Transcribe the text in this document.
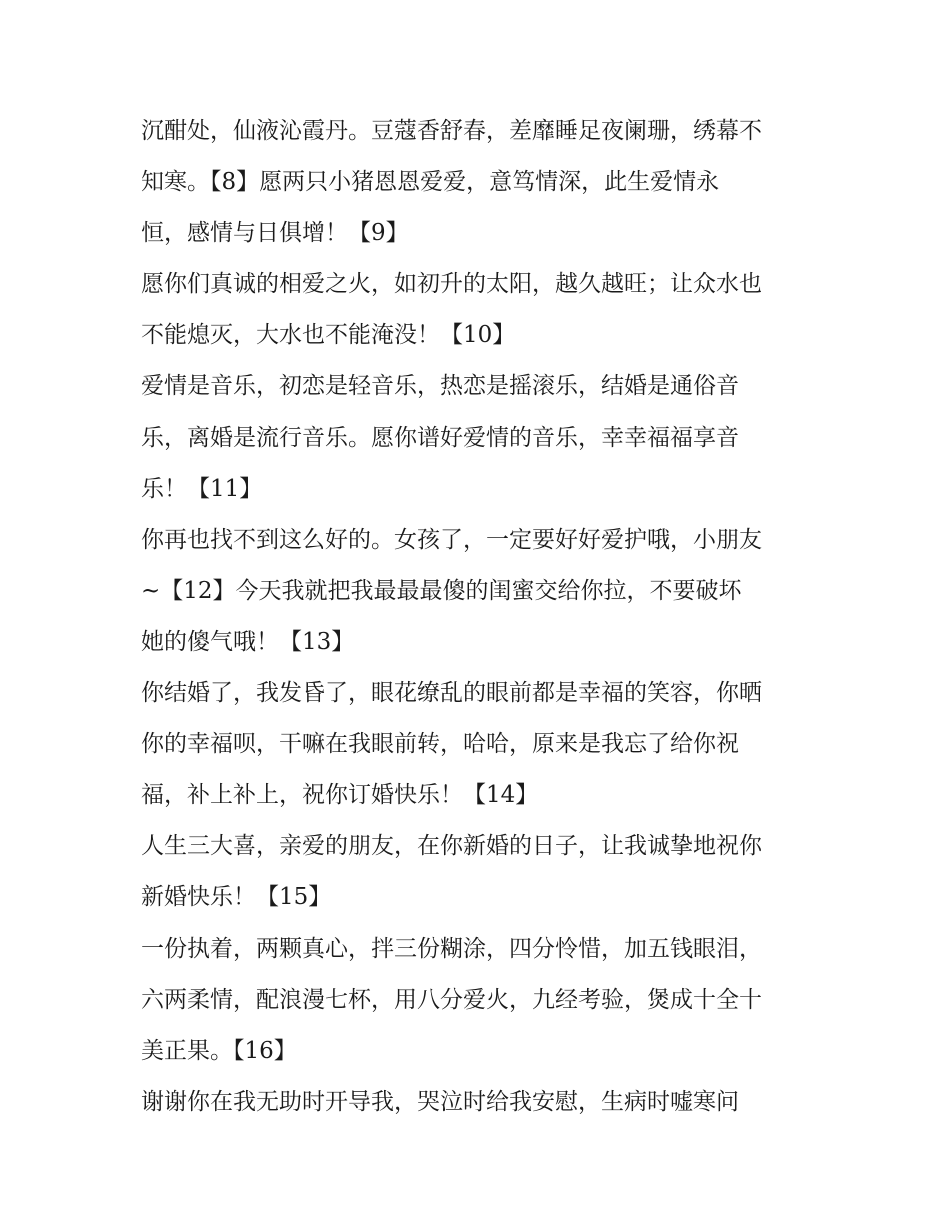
沉酣处，仙液沁霞丹。豆蔻香舒春，差靡睡足夜阑珊，绣幕不
知寒。【8】愿两只小猪恩恩爱爱，意笃情深，此生爱情永
恒，感情与日俱增！【9】
愿你们真诚的相爱之火，如初升的太阳，越久越旺；让众水也
不能熄灭，大水也不能淹没！【10】
爱情是音乐，初恋是轻音乐，热恋是摇滚乐，结婚是通俗音
乐，离婚是流行音乐。愿你谱好爱情的音乐，幸幸福福享音
乐！【11】
你再也找不到这么好的。女孩了，一定要好好爱护哦，小朋友
~【12】今天我就把我最最最傻的闺蜜交给你拉，不要破坏
她的傻气哦！【13】
你结婚了，我发昏了，眼花缭乱的眼前都是幸福的笑容，你晒
你的幸福呗，干嘛在我眼前转，哈哈，原来是我忘了给你祝
福，补上补上，祝你订婚快乐！【14】
人生三大喜，亲爱的朋友，在你新婚的日子，让我诚挚地祝你
新婚快乐！【15】
一份执着，两颗真心，拌三份糊涂，四分怜惜，加五钱眼泪，
六两柔情，配浪漫七杯，用八分爱火，九经考验，煲成十全十
美正果。【16】
谢谢你在我无助时开导我，哭泣时给我安慰，生病时嘘寒问
